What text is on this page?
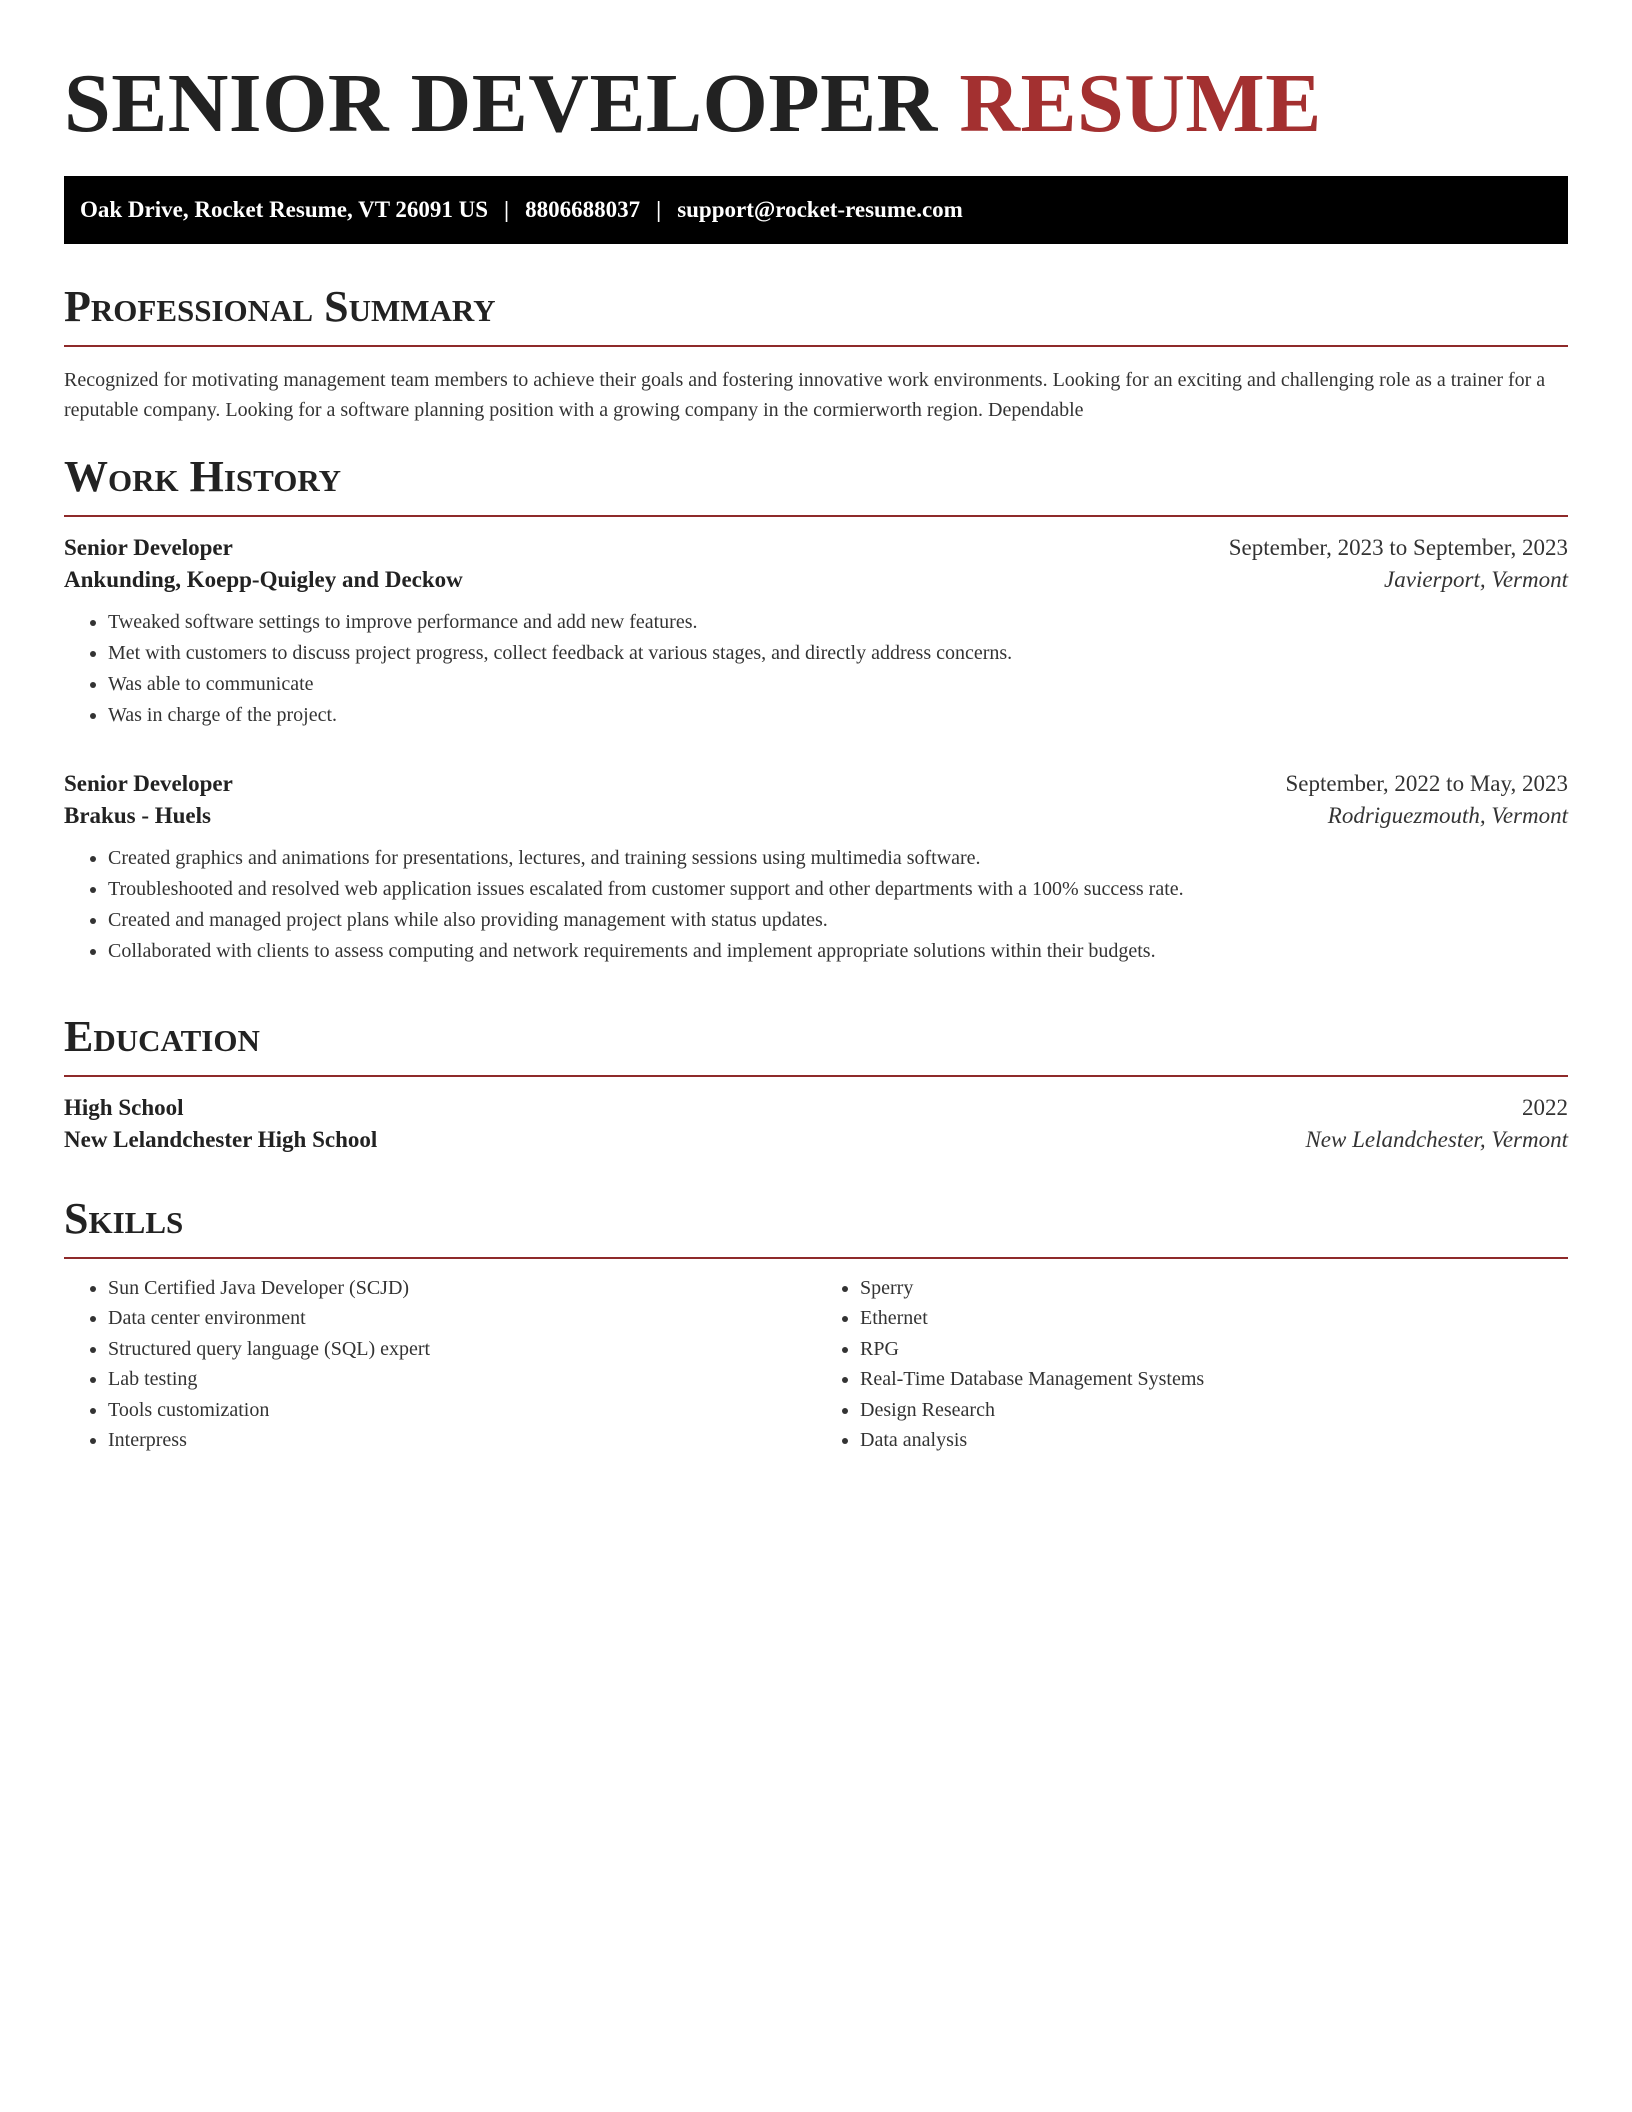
SENIOR DEVELOPER RESUME
Oak Drive, Rocket Resume, VT 26091 US | 8806688037 | support@rocket-resume.com
Professional Summary

Recognized for motivating management team members to achieve their goals and fostering innovative work environments. Looking for an exciting and challenging role as a trainer for a reputable company. Looking for a software planning position with a growing company in the cormierworth region. Dependable

Work History
Senior Developer	September, 2023 to September, 2023
Ankunding, Koepp-Quigley and Deckow	Javierport, Vermont
• Tweaked software settings to improve performance and add new features.
• Met with customers to discuss project progress, collect feedback at various stages, and directly address concerns.
• Was able to communicate
• Was in charge of the project.
Senior Developer	September, 2022 to May, 2023
Brakus - Huels	Rodriguezmouth, Vermont
• Created graphics and animations for presentations, lectures, and training sessions using multimedia software.
• Troubleshooted and resolved web application issues escalated from customer support and other departments with a 100% success rate.
• Created and managed project plans while also providing management with status updates.
• Collaborated with clients to assess computing and network requirements and implement appropriate solutions within their budgets.
Education
High School	2022
New Lelandchester High School	New Lelandchester, Vermont
Skills
• Sun Certified Java Developer (SCJD)
• Data center environment
• Structured query language (SQL) expert
• Lab testing
• Tools customization
• Interpress
• Sperry
• Ethernet
• RPG
• Real-Time Database Management Systems
• Design Research
• Data analysis
